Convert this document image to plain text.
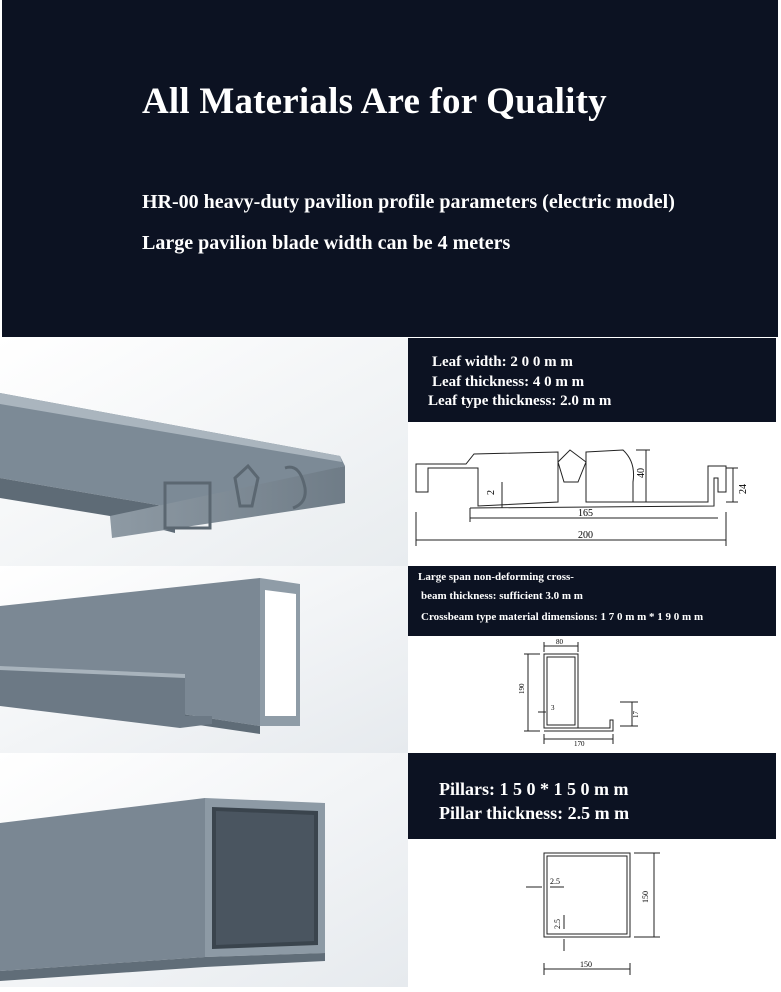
All Materials Are for Quality

HR-00 heavy-duty pavilion profile parameters (electric model) Large pavilion blade width can be 4 meters

Leaf width: 2 0 0 m m
Leaf thickness: 4 0 m m
Leaf type thickness: 2.0 m m
2
40
165
200
24
Large span non-deforming cross-
beam thickness: sufficient 3.0 m m
Crossbeam type material dimensions: 1 7 0 m m * 1 9 0 m m
80
190
3
170
17
Pillars: 1 5 0 * 1 5 0 m m
Pillar thickness: 2.5 m m
2.5
2.5
150
150
